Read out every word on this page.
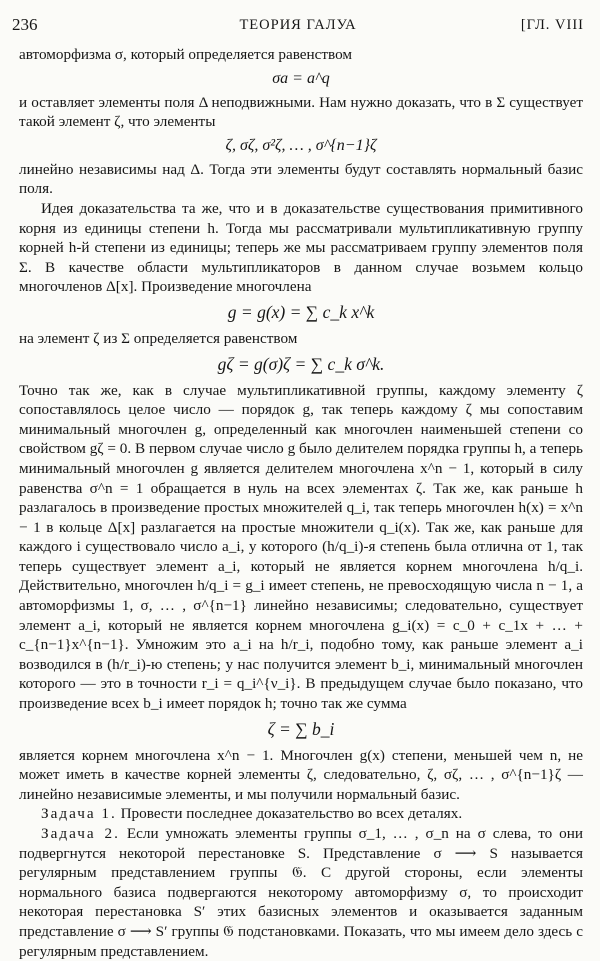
236	ТЕОРИЯ ГАЛУА	[ГЛ. VIII

автоморфизма σ, который определяется равенством

σa = a^q

и оставляет элементы поля Δ неподвижными. Нам нужно доказать, что в Σ существует такой элемент ζ, что элементы

ζ, σζ, σ²ζ, … , σ^{n−1}ζ

линейно независимы над Δ. Тогда эти элементы будут составлять нормальный базис поля.

Идея доказательства та же, что и в доказательстве существования примитивного корня из единицы степени h. Тогда мы рассматривали мультипликативную группу корней h-й степени из единицы; теперь же мы рассматриваем группу элементов поля Σ. В качестве области мультипликаторов в данном случае возьмем кольцо многочленов Δ[x]. Произведение многочлена

g = g(x) = ∑ c_k x^k

на элемент ζ из Σ определяется равенством

gζ = g(σ)ζ = ∑ c_k σ^k.

Точно так же, как в случае мультипликативной группы, каждому элементу ζ сопоставлялось целое число — порядок g, так теперь каждому ζ мы сопоставим минимальный многочлен g, определенный как многочлен наименьшей степени со свойством gζ = 0. В первом случае число g было делителем порядка группы h, а теперь минимальный многочлен g является делителем многочлена x^n − 1, который в силу равенства σ^n = 1 обращается в нуль на всех элементах ζ. Так же, как раньше h разлагалось в произведение простых множителей q_i, так теперь многочлен h(x) = x^n − 1 в кольце Δ[x] разлагается на простые множители q_i(x). Так же, как раньше для каждого i существовало число a_i, у которого (h/q_i)-я степень была отлична от 1, так теперь существует элемент a_i, который не является корнем многочлена h/q_i. Действительно, многочлен h/q_i = g_i имеет степень, не превосходящую числа n − 1, а автоморфизмы 1, σ, … , σ^{n−1} линейно независимы; следовательно, существует элемент a_i, который не является корнем многочлена g_i(x) = c_0 + c_1x + … + c_{n−1}x^{n−1}. Умножим это a_i на h/r_i, подобно тому, как раньше элемент a_i возводился в (h/r_i)-ю степень; у нас получится элемент b_i, минимальный многочлен которого — это в точности r_i = q_i^{ν_i}. В предыдущем случае было показано, что произведение всех b_i имеет порядок h; точно так же сумма

ζ = ∑ b_i

является корнем многочлена x^n − 1. Многочлен g(x) степени, меньшей чем n, не может иметь в качестве корней элементы ζ, следовательно, ζ, σζ, … , σ^{n−1}ζ — линейно независимые элементы, и мы получили нормальный базис.

Задача 1. Провести последнее доказательство во всех деталях.

Задача 2. Если умножать элементы группы σ_1, … , σ_n на σ слева, то они подвергнутся некоторой перестановке S. Представление σ ⟶ S называется регулярным представлением группы 𝔊. С другой стороны, если элементы нормального базиса подвергаются некоторому автоморфизму σ, то происходит некоторая перестановка S′ этих базисных элементов и оказывается заданным представление σ ⟶ S′ группы 𝔊 подстановками. Показать, что мы имеем дело здесь с регулярным представлением.
